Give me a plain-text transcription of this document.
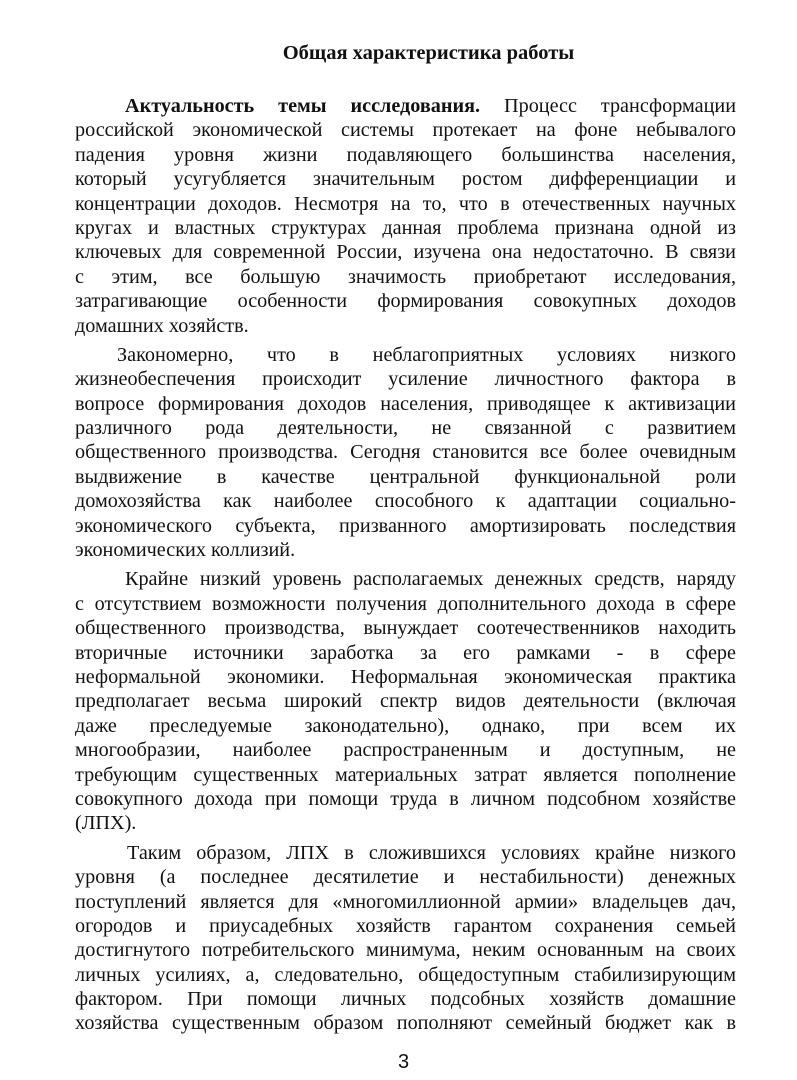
Общая характеристика работы
Актуальность темы исследования. Процесс трансформации
российской экономической системы протекает на фоне небывалого
падения уровня жизни подавляющего большинства населения,
который усугубляется значительным ростом дифференциации и
концентрации доходов. Несмотря на то, что в отечественных научных
кругах и властных структурах данная проблема признана одной из
ключевых для современной России, изучена она недостаточно. В связи
с этим, все большую значимость приобретают исследования,
затрагивающие особенности формирования совокупных доходов
домашних хозяйств.
Закономерно, что в неблагоприятных условиях низкого
жизнеобеспечения происходит усиление личностного фактора в
вопросе формирования доходов населения, приводящее к активизации
различного рода деятельности, не связанной с развитием
общественного производства. Сегодня становится все более очевидным
выдвижение в качестве центральной функциональной роли
домохозяйства как наиболее способного к адаптации социально-
экономического субъекта, призванного амортизировать последствия
экономических коллизий.
Крайне низкий уровень располагаемых денежных средств, наряду
с отсутствием возможности получения дополнительного дохода в сфере
общественного производства, вынуждает соотечественников находить
вторичные источники заработка за его рамками - в сфере
неформальной экономики. Неформальная экономическая практика
предполагает весьма широкий спектр видов деятельности (включая
даже преследуемые законодательно), однако, при всем их
многообразии, наиболее распространенным и доступным, не
требующим существенных материальных затрат является пополнение
совокупного дохода при помощи труда в личном подсобном хозяйстве
(ЛПХ).
Таким образом, ЛПХ в сложившихся условиях крайне низкого
уровня (а последнее десятилетие и нестабильности) денежных
поступлений является для «многомиллионной армии» владельцев дач,
огородов и приусадебных хозяйств гарантом сохранения семьей
достигнутого потребительского минимума, неким основанным на своих
личных усилиях, а, следовательно, общедоступным стабилизирующим
фактором. При помощи личных подсобных хозяйств домашние
хозяйства существенным образом пополняют семейный бюджет как в
3
